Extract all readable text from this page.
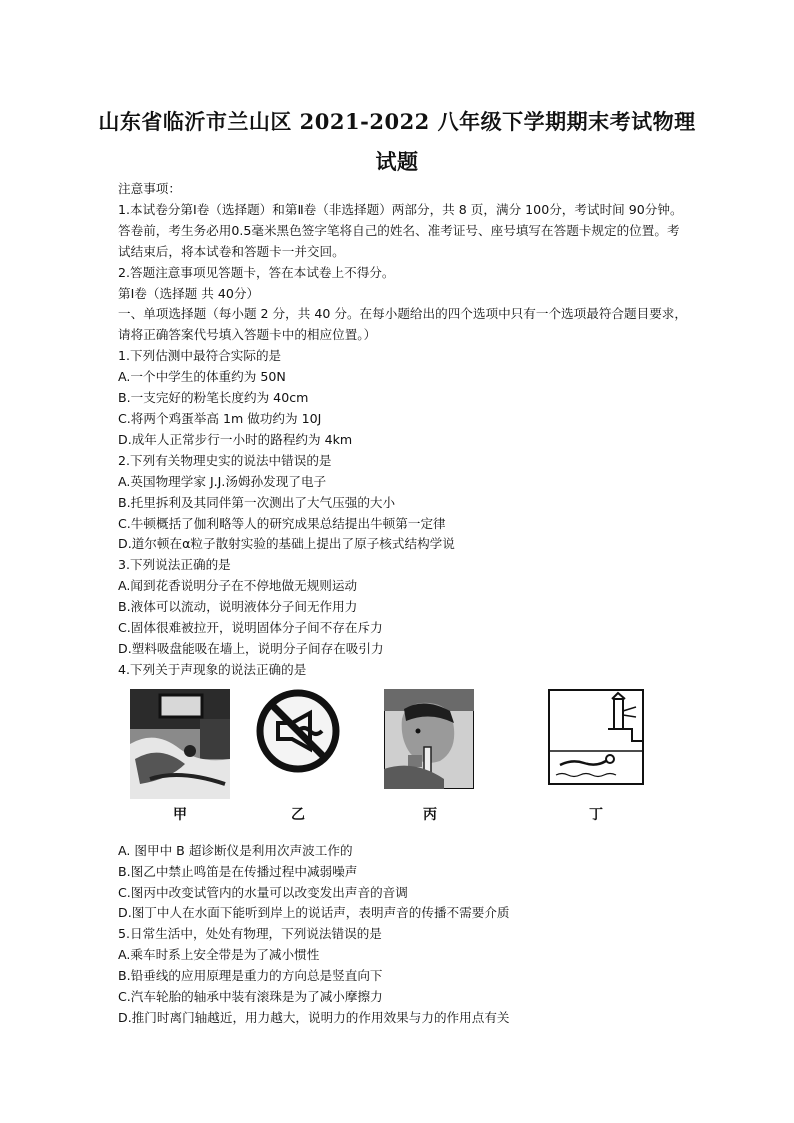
山东省临沂市兰山区 2021-2022 八年级下学期期末考试物理
试题

注意事项：

1.本试卷分第Ⅰ卷（选择题）和第Ⅱ卷（非选择题）两部分，共 8 页，满分 100分，考试时间 90分钟。答卷前，考生务必用0.5毫米黑色签字笔将自己的姓名、准考证号、座号填写在答题卡规定的位置。考试结束后，将本试卷和答题卡一并交回。

2.答题注意事项见答题卡，答在本试卷上不得分。

第Ⅰ卷（选择题 共 40分）

一、单项选择题（每小题 2 分，共 40 分。在每小题给出的四个选项中只有一个选项最符合题目要求，请将正确答案代号填入答题卡中的相应位置。）

1.下列估测中最符合实际的是

A.一个中学生的体重约为 50N

B.一支完好的粉笔长度约为 40cm

C.将两个鸡蛋举高 1m 做功约为 10J

D.成年人正常步行一小时的路程约为 4km

2.下列有关物理史实的说法中错误的是

A.英国物理学家 J.J.汤姆孙发现了电子

B.托里拆利及其同伴第一次测出了大气压强的大小

C.牛顿概括了伽利略等人的研究成果总结提出牛顿第一定律

D.道尔顿在α粒子散射实验的基础上提出了原子核式结构学说

3.下列说法正确的是

A.闻到花香说明分子在不停地做无规则运动

B.液体可以流动，说明液体分子间无作用力

C.固体很难被拉开，说明固体分子间不存在斥力

D.塑料吸盘能吸在墙上，说明分子间存在吸引力

4.下列关于声现象的说法正确的是

甲	乙	丙	丁

A. 图甲中 B 超诊断仪是利用次声波工作的

B.图乙中禁止鸣笛是在传播过程中减弱噪声

C.图丙中改变试管内的水量可以改变发出声音的音调

D.图丁中人在水面下能听到岸上的说话声，表明声音的传播不需要介质

5.日常生活中，处处有物理，下列说法错误的是

A.乘车时系上安全带是为了减小惯性

B.铅垂线的应用原理是重力的方向总是竖直向下

C.汽车轮胎的轴承中装有滚珠是为了减小摩擦力

D.推门时离门轴越近，用力越大，说明力的作用效果与力的作用点有关
